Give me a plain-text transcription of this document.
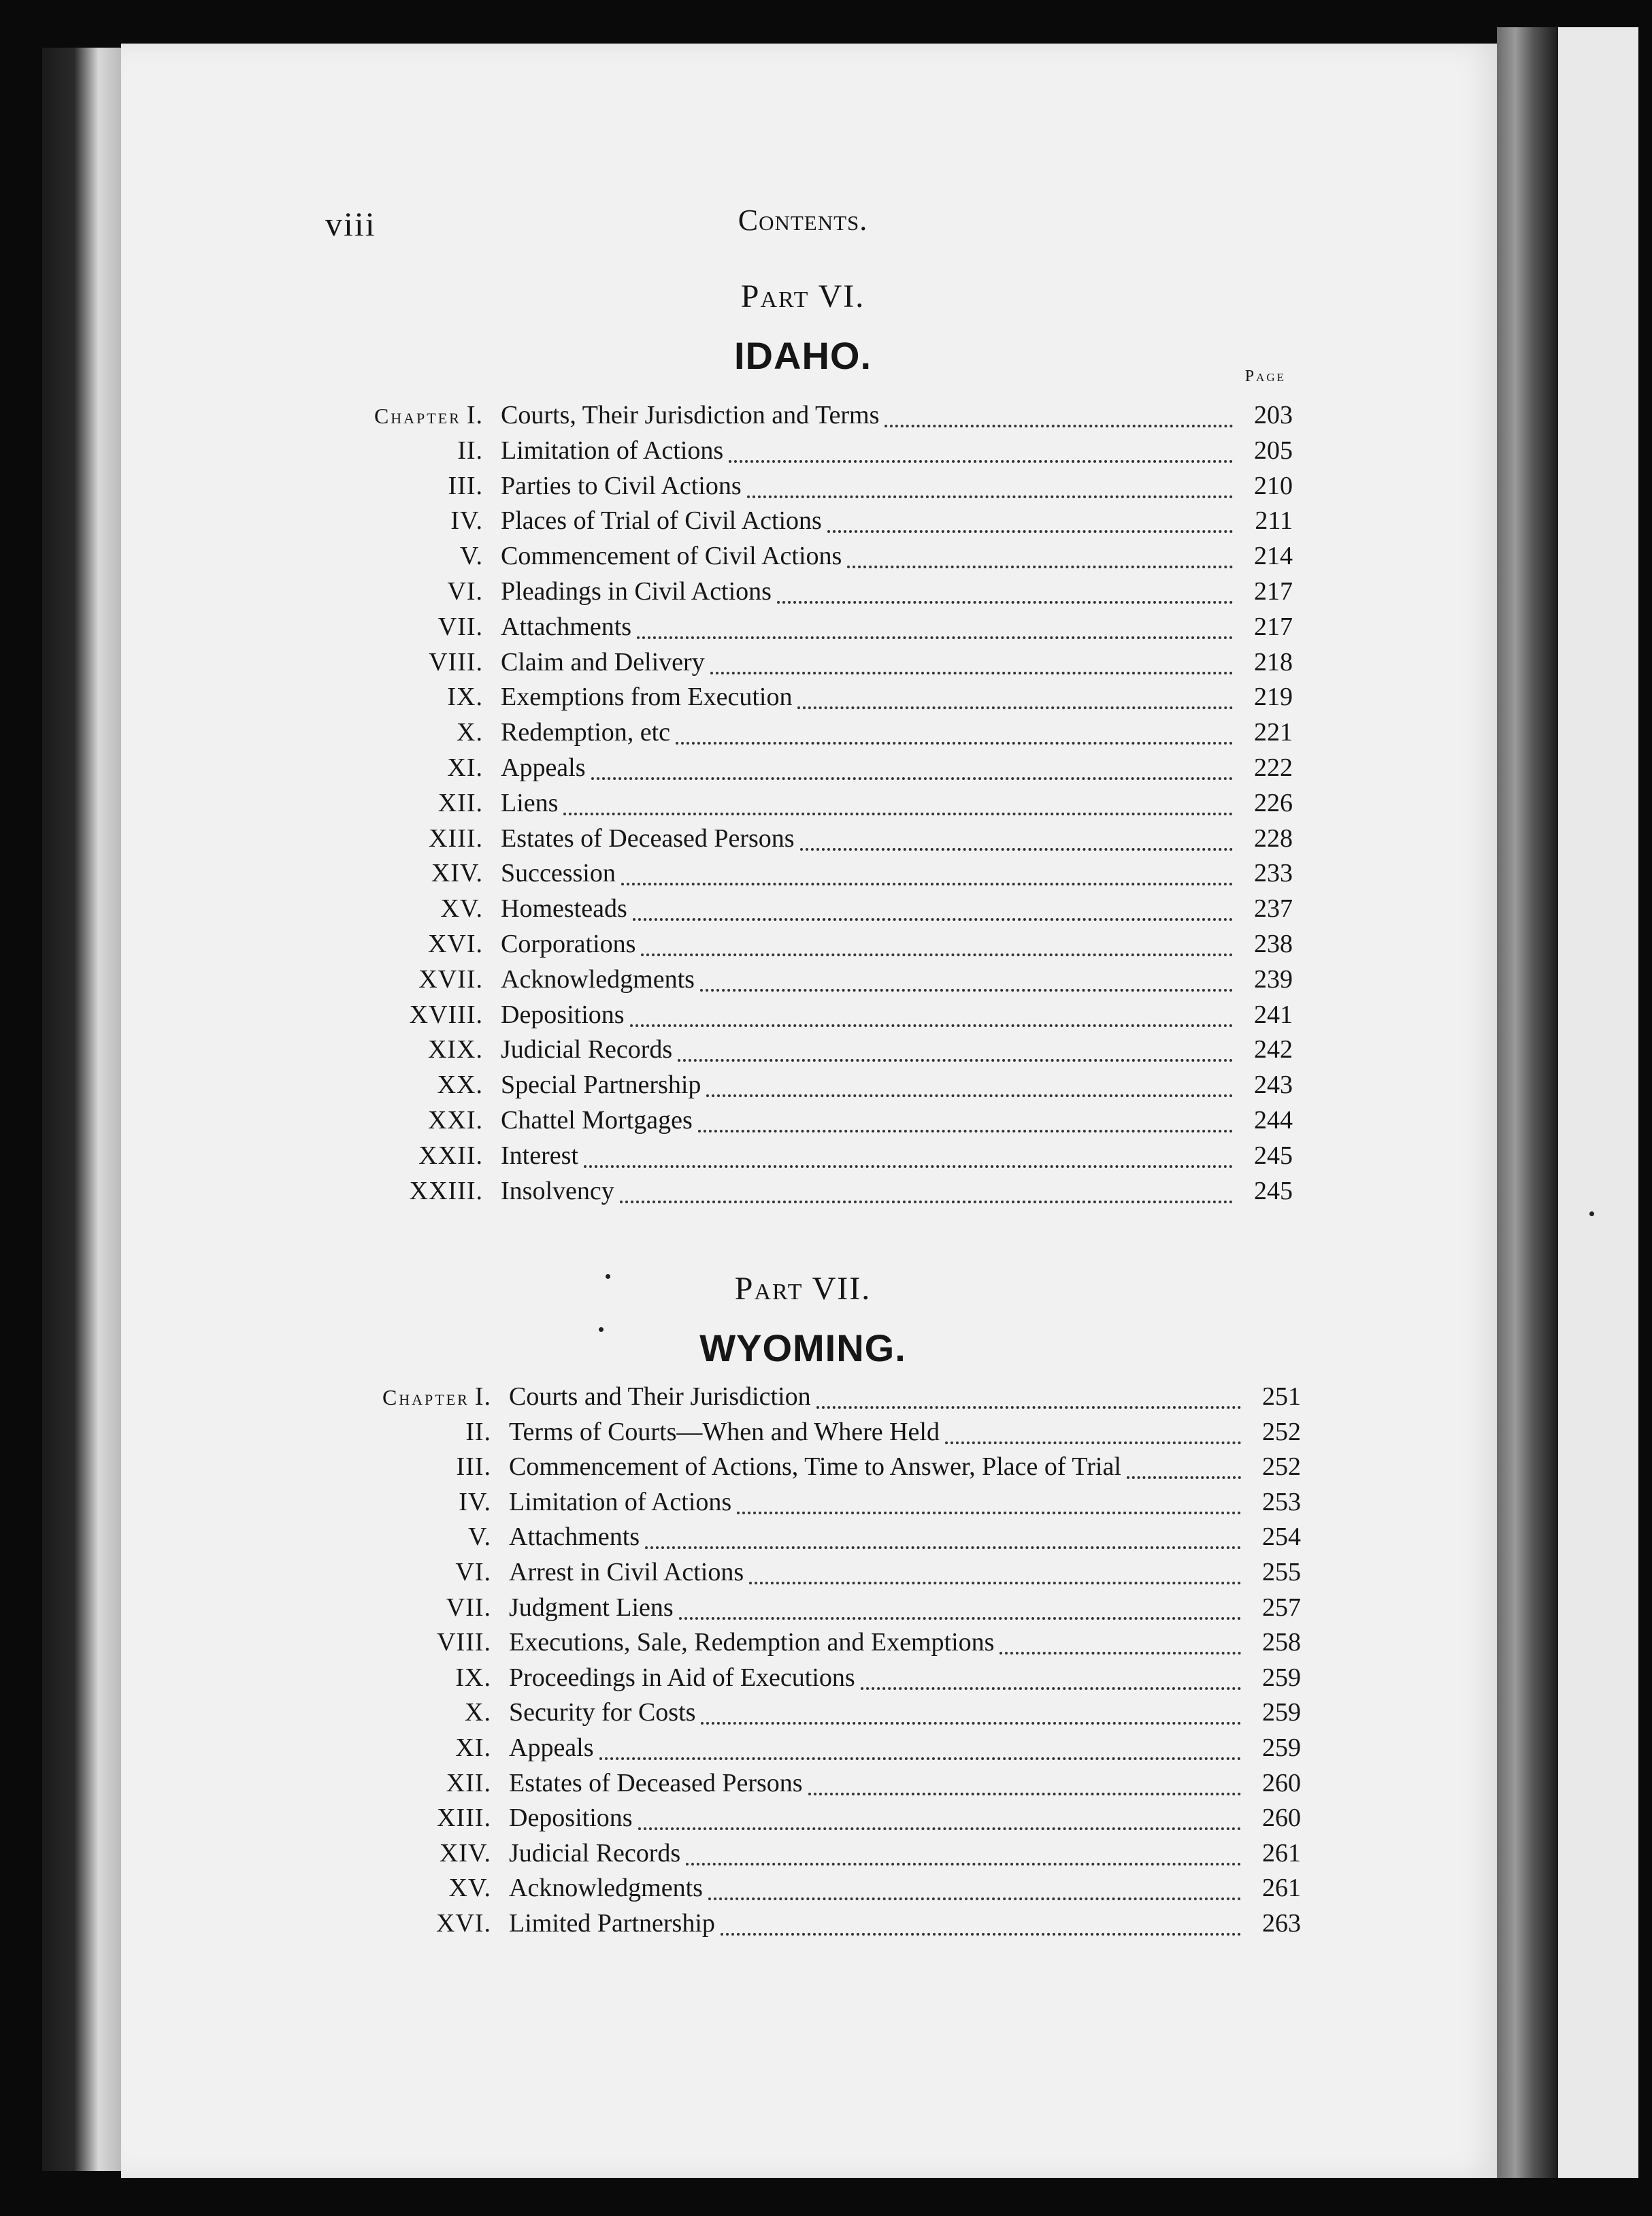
viii	Contents.
Part VI.
IDAHO.	Page
Chapter I. Courts, Their Jurisdiction and Terms	203
II. Limitation of Actions	205
III. Parties to Civil Actions	210
IV. Places of Trial of Civil Actions	211
V. Commencement of Civil Actions	214
VI. Pleadings in Civil Actions	217
VII. Attachments	217
VIII. Claim and Delivery	218
IX. Exemptions from Execution	219
X. Redemption, etc	221
XI. Appeals	222
XII. Liens	226
XIII. Estates of Deceased Persons	228
XIV. Succession	233
XV. Homesteads	237
XVI. Corporations	238
XVII. Acknowledgments	239
XVIII. Depositions	241
XIX. Judicial Records	242
XX. Special Partnership	243
XXI. Chattel Mortgages	244
XXII. Interest	245
XXIII. Insolvency	245
Part VII.
WYOMING.
Chapter I. Courts and Their Jurisdiction	251
II. Terms of Courts—When and Where Held	252
III. Commencement of Actions, Time to Answer, Place of Trial	252
IV. Limitation of Actions	253
V. Attachments	254
VI. Arrest in Civil Actions	255
VII. Judgment Liens	257
VIII. Executions, Sale, Redemption and Exemptions	258
IX. Proceedings in Aid of Executions	259
X. Security for Costs	259
XI. Appeals	259
XII. Estates of Deceased Persons	260
XIII. Depositions	260
XIV. Judicial Records	261
XV. Acknowledgments	261
XVI. Limited Partnership	263
